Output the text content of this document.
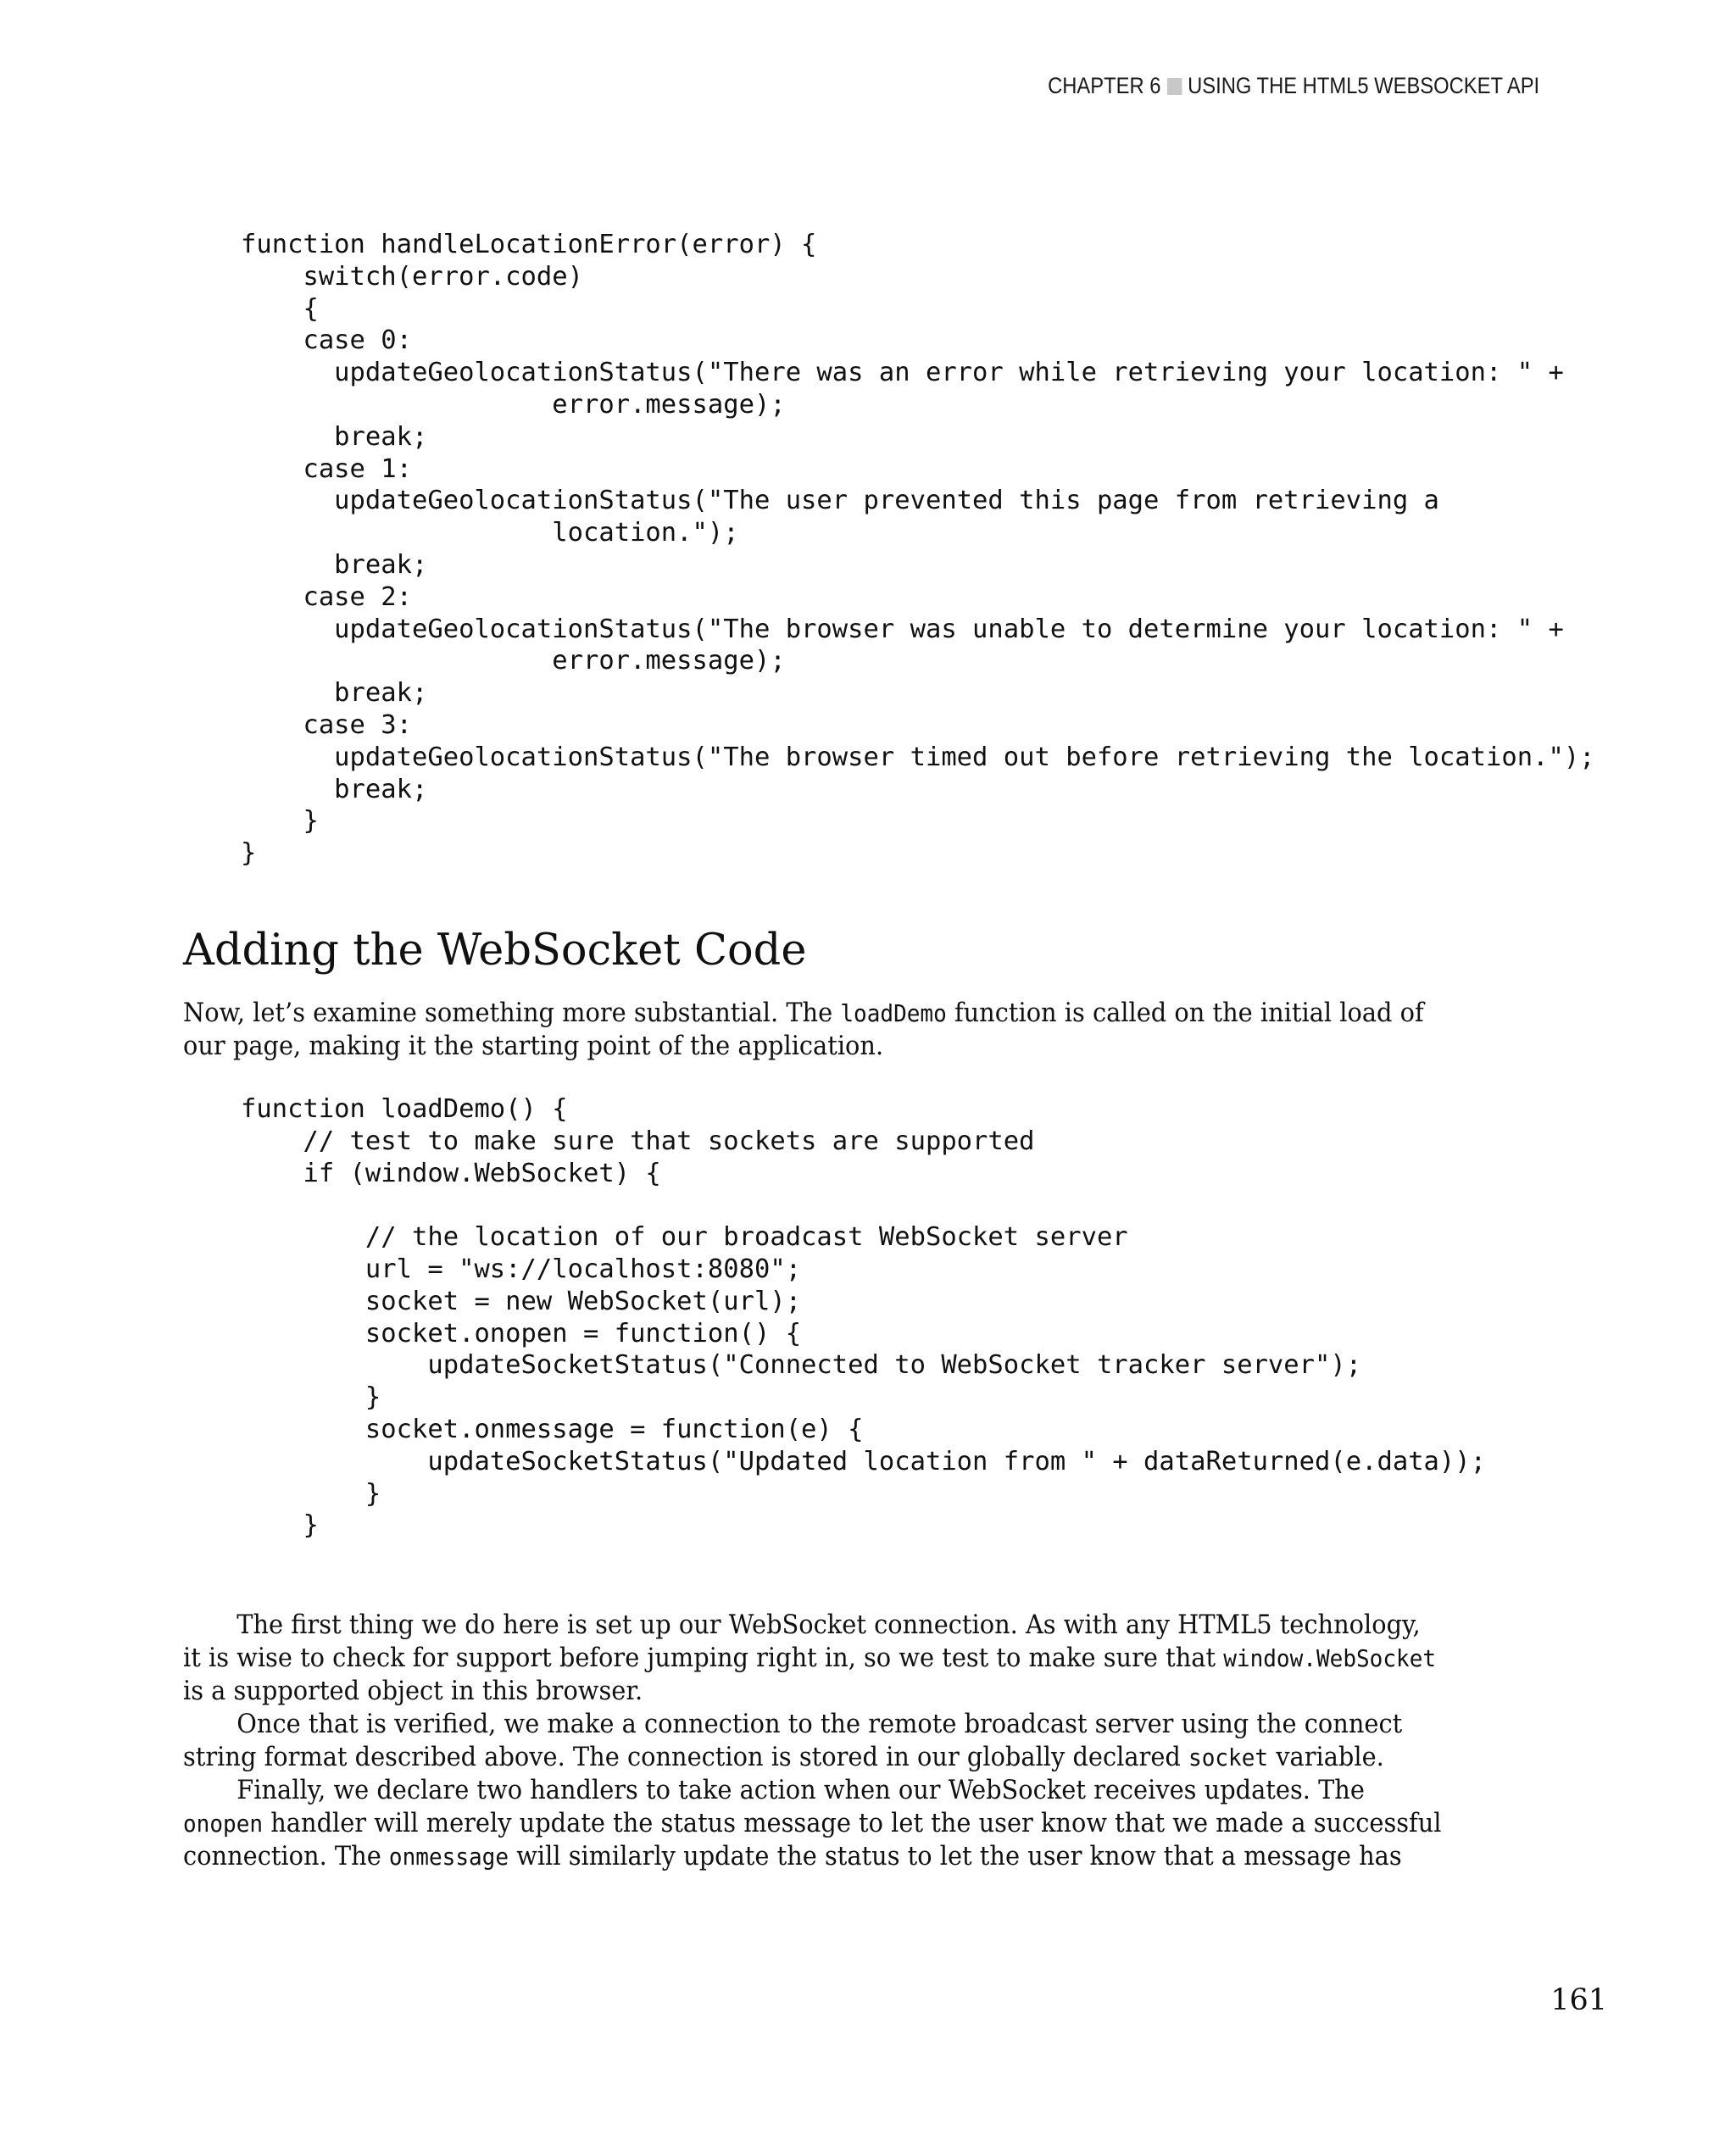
CHAPTER 6 USING THE HTML5 WEBSOCKET API
function handleLocationError(error) {
switch(error.code)
{
case 0:
updateGeolocationStatus("There was an error while retrieving your location: " +
error.message);
break;
case 1:
updateGeolocationStatus("The user prevented this page from retrieving a
location.");
break;
case 2:
updateGeolocationStatus("The browser was unable to determine your location: " +
error.message);
break;
case 3:
updateGeolocationStatus("The browser timed out before retrieving the location.");
break;
}
}
Adding the WebSocket Code

Now, let’s examine something more substantial. The loadDemo function is called on the initial load of our page, making it the starting point of the application.

function loadDemo() {
// test to make sure that sockets are supported
if (window.WebSocket) {

// the location of our broadcast WebSocket server
url = "ws://localhost:8080";
socket = new WebSocket(url);
socket.onopen = function() {
updateSocketStatus("Connected to WebSocket tracker server");
}
socket.onmessage = function(e) {
updateSocketStatus("Updated location from " + dataReturned(e.data));
}
}

The first thing we do here is set up our WebSocket connection. As with any HTML5 technology, it is wise to check for support before jumping right in, so we test to make sure that window.WebSocket is a supported object in this browser.

Once that is verified, we make a connection to the remote broadcast server using the connect string format described above. The connection is stored in our globally declared socket variable.

Finally, we declare two handlers to take action when our WebSocket receives updates. The onopen handler will merely update the status message to let the user know that we made a successful connection. The onmessage will similarly update the status to let the user know that a message has

161
